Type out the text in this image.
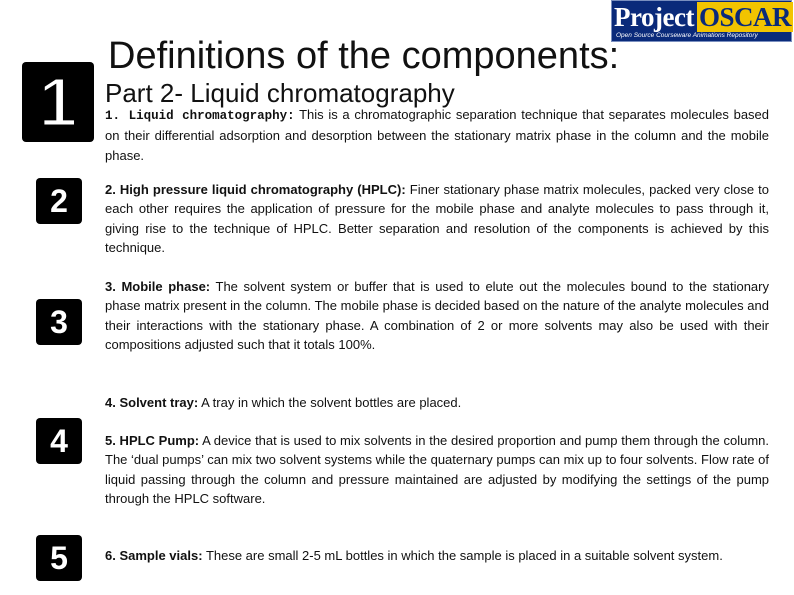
Project OSCAR
Open Source Courseware Animations Repository
Definitions of the components:
Part 2- Liquid chromatography
1
2
3
4
5

1. Liquid chromatography: This is a chromatographic separation technique that separates molecules based on their differential adsorption and desorption between the stationary matrix phase in the column and the mobile phase.

2. High pressure liquid chromatography (HPLC): Finer stationary phase matrix molecules, packed very close to each other requires the application of pressure for the mobile phase and analyte molecules to pass through it, giving rise to the technique of HPLC. Better separation and resolution of the components is achieved by this technique.

3. Mobile phase: The solvent system or buffer that is used to elute out the molecules bound to the stationary phase matrix present in the column. The mobile phase is decided based on the nature of the analyte molecules and their interactions with the stationary phase. A combination of 2 or more solvents may also be used with their compositions adjusted such that it totals 100%.

4. Solvent tray: A tray in which the solvent bottles are placed.

5. HPLC Pump: A device that is used to mix solvents in the desired proportion and pump them through the column. The ‘dual pumps’ can mix two solvent systems while the quaternary pumps can mix up to four solvents. Flow rate of liquid passing through the column and pressure maintained are adjusted by modifying the settings of the pump through the HPLC software.

6. Sample vials: These are small 2-5 mL bottles in which the sample is placed in a suitable solvent system.
